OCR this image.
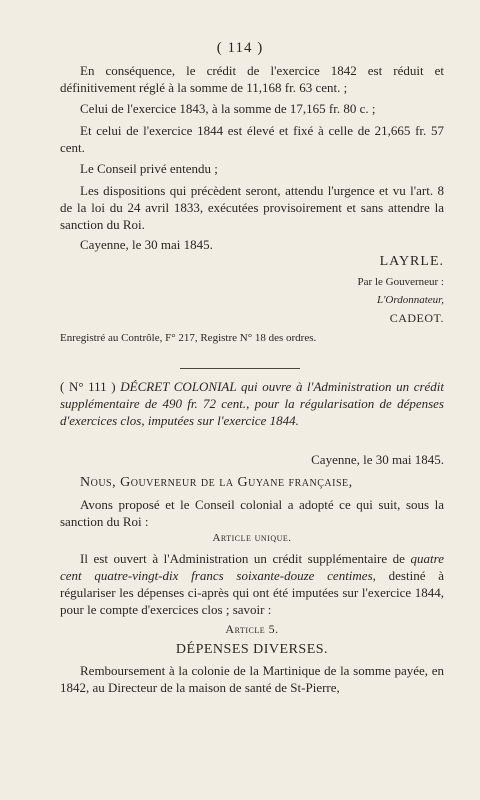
( 114 )
En conséquence, le crédit de l'exercice 1842 est réduit et définitivement réglé à la somme de 11,168 fr. 63 cent. ;
Celui de l'exercice 1843, à la somme de 17,165 fr. 80 c. ;
Et celui de l'exercice 1844 est élevé et fixé à celle de 21,665 fr. 57 cent.
Le Conseil privé entendu ;
Les dispositions qui précèdent seront, attendu l'urgence et vu l'art. 8 de la loi du 24 avril 1833, exécutées provisoirement et sans attendre la sanction du Roi.
Cayenne, le 30 mai 1845.
LAYRLE.
Par le Gouverneur :
L'Ordonnateur,
CADEOT.
Enregistré au Contrôle, F° 217, Registre N° 18 des ordres.
( N° 111 ) DÉCRET COLONIAL qui ouvre à l'Administration un crédit supplémentaire de 490 fr. 72 cent., pour la régularisation de dépenses d'exercices clos, imputées sur l'exercice 1844.
Cayenne, le 30 mai 1845.
Nous, Gouverneur de la Guyane française,
Avons proposé et le Conseil colonial a adopté ce qui suit, sous la sanction du Roi :
Article unique.
Il est ouvert à l'Administration un crédit supplémentaire de quatre cent quatre-vingt-dix francs soixante-douze centimes, destiné à régulariser les dépenses ci-après qui ont été imputées sur l'exercice 1844, pour le compte d'exercices clos ; savoir :
Article 5.
DÉPENSES DIVERSES.
Remboursement à la colonie de la Martinique de la somme payée, en 1842, au Directeur de la maison de santé de St-Pierre,
